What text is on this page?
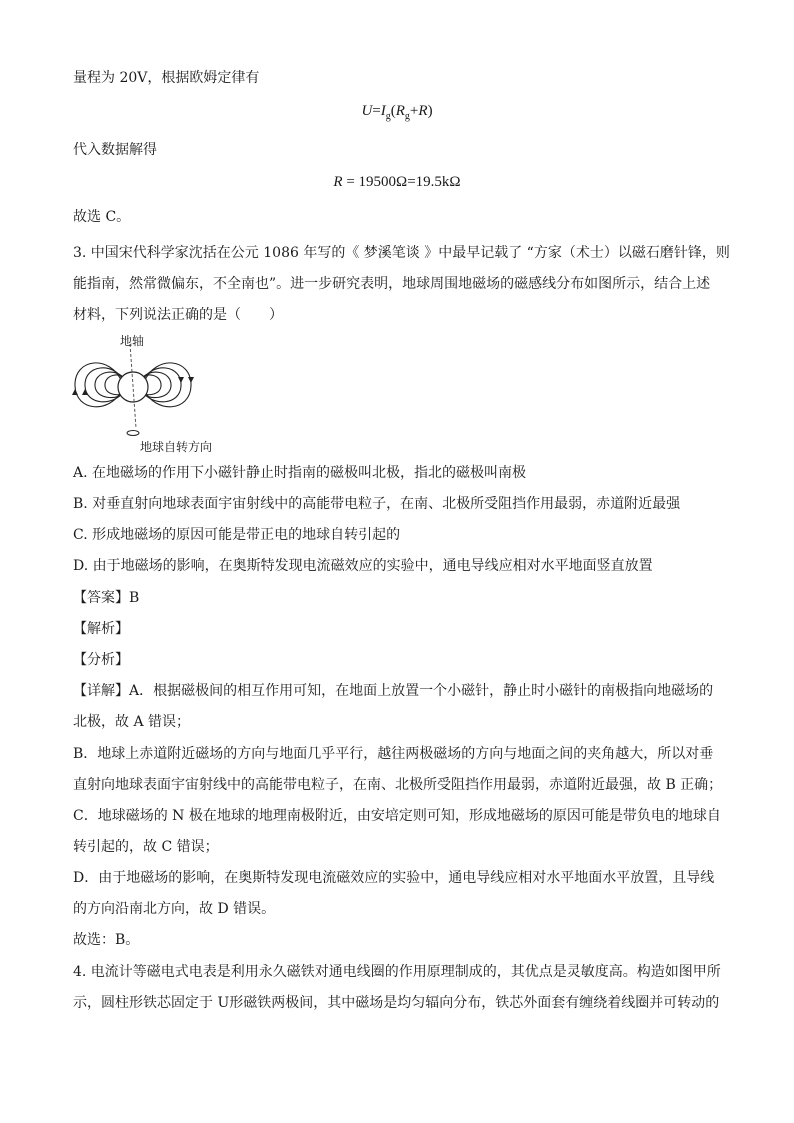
量程为 20V，根据欧姆定律有
$U=I_g(R_g+R)$
代入数据解得
R = 19500Ω=19.5kΩ
故选 C。
3. 中国宋代科学家沈括在公元 1086 年写的《 梦溪笔谈 》中最早记载了 “方家（术士）以磁石磨针锋，则
能指南，然常微偏东，不全南也”。进一步研究表明，地球周围地磁场的磁感线分布如图所示，结合上述
材料，下列说法正确的是（　　）
地轴
地球自转方向
A. 在地磁场的作用下小磁针静止时指南的磁极叫北极，指北的磁极叫南极
B. 对垂直射向地球表面宇宙射线中的高能带电粒子，在南、北极所受阻挡作用最弱，赤道附近最强
C. 形成地磁场的原因可能是带正电的地球自转引起的
D. 由于地磁场的影响，在奥斯特发现电流磁效应的实验中，通电导线应相对水平地面竖直放置
【答案】B
【解析】
【分析】
【详解】A．根据磁极间的相互作用可知，在地面上放置一个小磁针，静止时小磁针的南极指向地磁场的
北极，故 A 错误；
B．地球上赤道附近磁场的方向与地面几乎平行，越往两极磁场的方向与地面之间的夹角越大，所以对垂
直射向地球表面宇宙射线中的高能带电粒子，在南、北极所受阻挡作用最弱，赤道附近最强，故 B 正确；
C．地球磁场的 N 极在地球的地理南极附近，由安培定则可知，形成地磁场的原因可能是带负电的地球自
转引起的，故 C 错误；
D．由于地磁场的影响，在奥斯特发现电流磁效应的实验中，通电导线应相对水平地面水平放置，且导线
的方向沿南北方向，故 D 错误。
故选：B。
4. 电流计等磁电式电表是利用永久磁铁对通电线圈的作用原理制成的，其优点是灵敏度高。构造如图甲所
示，圆柱形铁芯固定于 U形磁铁两极间，其中磁场是均匀辐向分布，铁芯外面套有缠绕着线圈并可转动的
